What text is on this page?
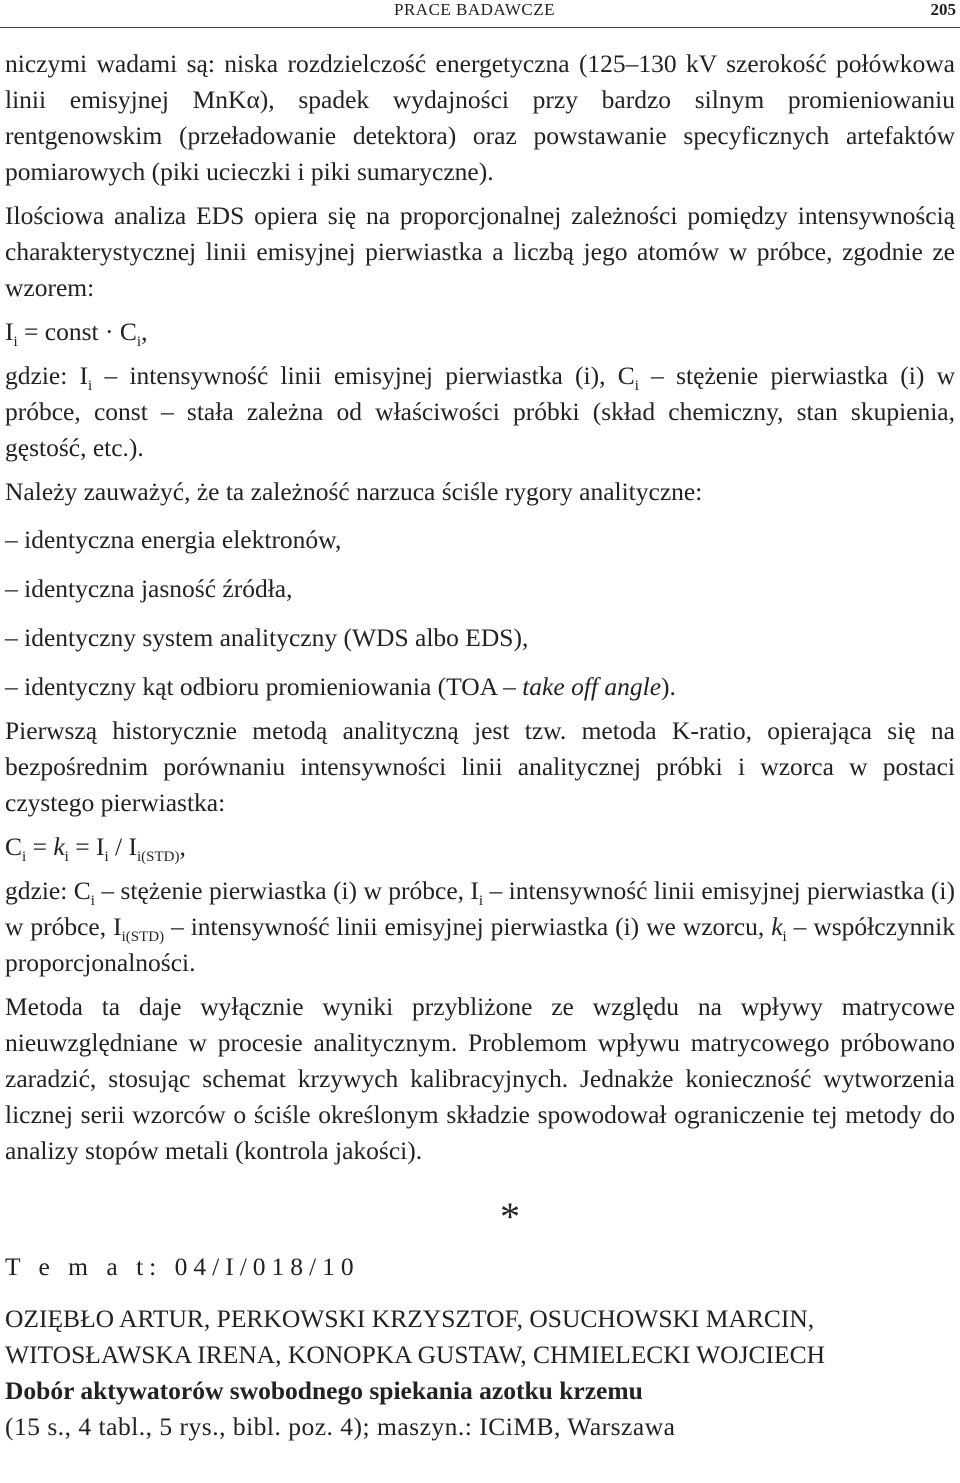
PRACE BADAWCZE	205

niczymi wadami są: niska rozdzielczość energetyczna (125–130 kV szerokość połówkowa linii emisyjnej MnKα), spadek wydajności przy bardzo silnym promieniowaniu rentgenowskim (przeładowanie detektora) oraz powstawanie specyficznych artefaktów pomiarowych (piki ucieczki i piki sumaryczne).

Ilościowa analiza EDS opiera się na proporcjonalnej zależności pomiędzy intensywnością charakterystycznej linii emisyjnej pierwiastka a liczbą jego atomów w próbce, zgodnie ze wzorem:

$I_i$ = const · $C_i$,

gdzie: $I_i$ – intensywność linii emisyjnej pierwiastka (i), $C_i$ – stężenie pierwiastka (i) w próbce, const – stała zależna od właściwości próbki (skład chemiczny, stan skupienia, gęstość, etc.).

Należy zauważyć, że ta zależność narzuca ściśle rygory analityczne:

– identyczna energia elektronów,
– identyczna jasność źródła,
– identyczny system analityczny (WDS albo EDS),
– identyczny kąt odbioru promieniowania (TOA – take off angle).

Pierwszą historycznie metodą analityczną jest tzw. metoda K-ratio, opierająca się na bezpośrednim porównaniu intensywności linii analitycznej próbki i wzorca w postaci czystego pierwiastka:

$C_i = k_i = I_i / I_{i(STD)}$,

gdzie: $C_i$ – stężenie pierwiastka (i) w próbce, $I_i$ – intensywność linii emisyjnej pierwiastka (i) w próbce, $I_{i(STD)}$ – intensywność linii emisyjnej pierwiastka (i) we wzorcu, $k_i$ – współczynnik proporcjonalności.

Metoda ta daje wyłącznie wyniki przybliżone ze względu na wpływy matrycowe nieuwzględniane w procesie analitycznym. Problemom wpływu matrycowego próbowano zaradzić, stosując schemat krzywych kalibracyjnych. Jednakże konieczność wytworzenia licznej serii wzorców o ściśle określonym składzie spowodował ograniczenie tej metody do analizy stopów metali (kontrola jakości).

*

T e m a t: 04/I/018/10

OZIĘBŁO ARTUR, PERKOWSKI KRZYSZTOF, OSUCHOWSKI MARCIN, WITOSŁAWSKA IRENA, KONOPKA GUSTAW, CHMIELECKI WOJCIECH

Dobór aktywatorów swobodnego spiekania azotku krzemu

(15 s., 4 tabl., 5 rys., bibl. poz. 4); maszyn.: ICiMB, Warszawa
